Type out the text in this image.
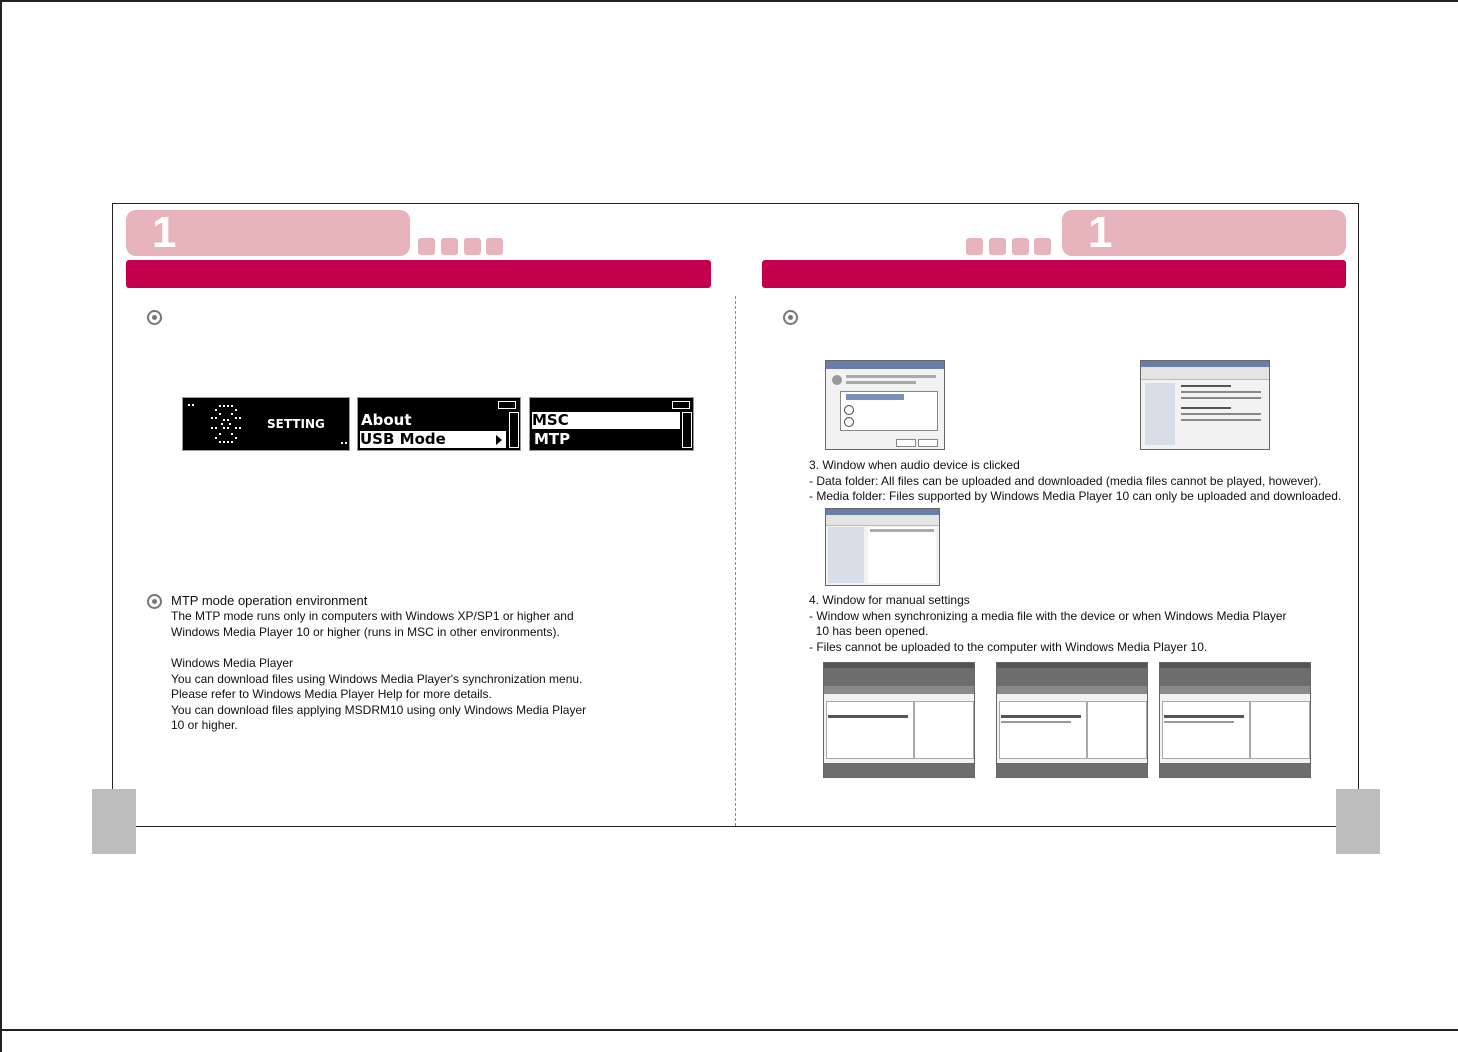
1	1
SETTING About
USB Mode
MSC
MTP
MTP mode operation environment
The MTP mode runs only in computers with Windows XP/SP1 or higher and
Windows Media Player 10 or higher (runs in MSC in other environments).
Windows Media Player
You can download files using Windows Media Player's synchronization menu.
Please refer to Windows Media Player Help for more details.
You can download files applying MSDRM10 using only Windows Media Player
10 or higher.
3. Window when audio device is clicked
- Data folder: All files can be uploaded and downloaded (media files cannot be played, however).
- Media folder: Files supported by Windows Media Player 10 can only be uploaded and downloaded.
4. Window for manual settings
- Window when synchronizing a media file with the device or when Windows Media Player
10 has been opened.
- Files cannot be uploaded to the computer with Windows Media Player 10.
